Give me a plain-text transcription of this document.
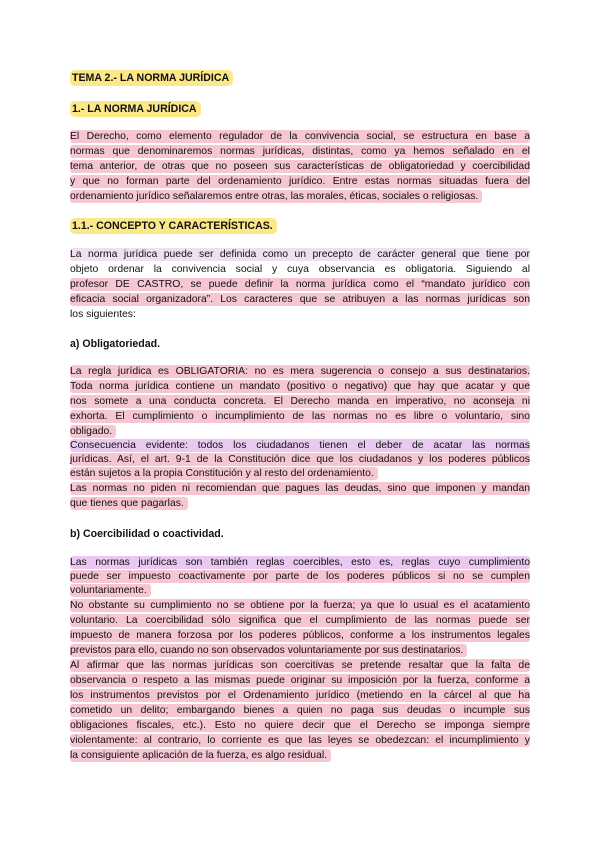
TEMA 2.- LA NORMA JURÍDICA
1.- LA NORMA JURÍDICA
El Derecho, como elemento regulador de la convivencia social, se estructura en base a
normas que denominaremos normas jurídicas, distintas, como ya hemos señalado en el
tema anterior, de otras que no poseen sus características de obligatoriedad y coercibilidad
y que no forman parte del ordenamiento jurídico. Entre estas normas situadas fuera del
ordenamiento jurídico señalaremos entre otras, las morales, éticas, sociales o religiosas.
1.1.- CONCEPTO Y CARACTERÍSTICAS.
La norma jurídica puede ser definida como un precepto de carácter general que tiene por
objeto ordenar la convivencia social y cuya observancia es obligatoria. Siguiendo al
profesor DE CASTRO, se puede definir la norma jurídica como el “mandato jurídico con
eficacia social organizadora”. Los caracteres que se atribuyen a las normas jurídicas son
los siguientes:
a) Obligatoriedad.
La regla jurídica es OBLIGATORIA: no es mera sugerencia o consejo a sus destinatarios.
Toda norma jurídica contiene un mandato (positivo o negativo) que hay que acatar y que
nos somete a una conducta concreta. El Derecho manda en imperativo, no aconseja ni
exhorta. El cumplimiento o incumplimiento de las normas no es libre o voluntario, sino
obligado.
Consecuencia evidente: todos los ciudadanos tienen el deber de acatar las normas
jurídicas. Así, el art. 9-1 de la Constitución dice que los ciudadanos y los poderes públicos
están sujetos a la propia Constitución y al resto del ordenamiento.
Las normas no piden ni recomiendan que pagues las deudas, sino que imponen y mandan
que tienes que pagarlas.
b) Coercibilidad o coactividad.
Las normas jurídicas son también reglas coercibles, esto es, reglas cuyo cumplimiento
puede ser impuesto coactivamente por parte de los poderes públicos si no se cumplen
voluntariamente.
No obstante su cumplimiento no se obtiene por la fuerza; ya que lo usual es el acatamiento
voluntario. La coercibilidad sólo significa que el cumplimiento de las normas puede ser
impuesto de manera forzosa por los poderes públicos, conforme a los instrumentos legales
previstos para ello, cuando no son observados voluntariamente por sus destinatarios.
Al afirmar que las normas jurídicas son coercitivas se pretende resaltar que la falta de
observancia o respeto a las mismas puede originar su imposición por la fuerza, conforme a
los instrumentos previstos por el Ordenamiento jurídico (metiendo en la cárcel al que ha
cometido un delito; embargando bienes a quien no paga sus deudas o incumple sus
obligaciones fiscales, etc.). Esto no quiere decir que el Derecho se imponga siempre
violentamente: al contrario, lo corriente es que las leyes se obedezcan: el incumplimiento y
la consiguiente aplicación de la fuerza, es algo residual.
